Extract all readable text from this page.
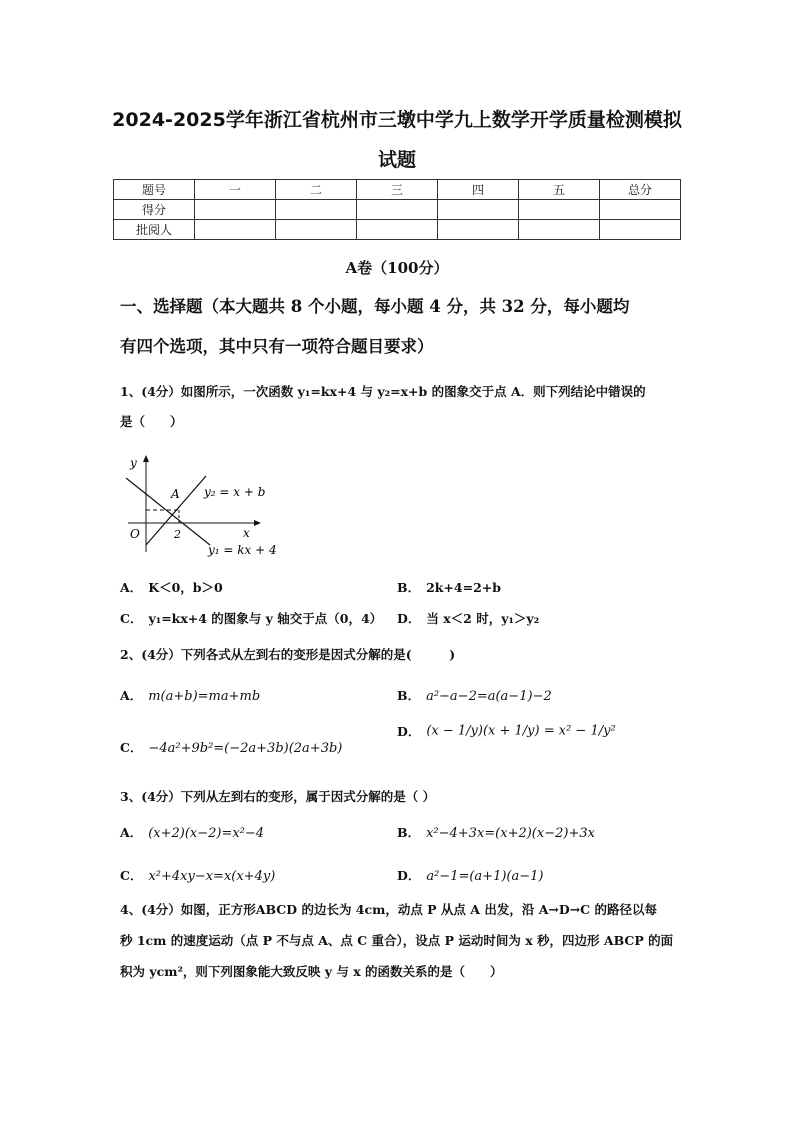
2024-2025学年浙江省杭州市三墩中学九上数学开学质量检测模拟
试题
题号	一	二	三	四	五	总分
得分						
批阅人						
A卷（100分）
一、选择题（本大题共 8 个小题，每小题 4 分，共 32 分，每小题均
有四个选项，其中只有一项符合题目要求）
1、(4分）如图所示，一次函数 y₁=kx+4 与 y₂=x+b 的图象交于点 A．则下列结论中错误的
是（　　）
y
x
O
A
2
y₂ = x + b
y₁ = kx + 4
A． K＜0，b＞0	B． 2k+4=2+b
C． y₁=kx+4 的图象与 y 轴交于点（0，4） D． 当 x＜2 时，y₁＞y₂
2、(4分）下列各式从左到右的变形是因式分解的是(　　　)
A． m(a+b)=ma+mb	B． a²−a−2=a(a−1)−2
C． −4a²+9b²=(−2a+3b)(2a+3b)
D． (x − 1/y)(x + 1/y) = x² − 1/y²
3、(4分）下列从左到右的变形，属于因式分解的是（ ）
A． (x+2)(x−2)=x²−4	B． x²−4+3x=(x+2)(x−2)+3x
C． x²+4xy−x=x(x+4y)	D． a²−1=(a+1)(a−1)
4、(4分）如图，正方形ABCD 的边长为 4cm，动点 P 从点 A 出发，沿 A→D→C 的路径以每
秒 1cm 的速度运动（点 P 不与点 A、点 C 重合），设点 P 运动时间为 x 秒，四边形 ABCP 的面
积为 ycm²，则下列图象能大致反映 y 与 x 的函数关系的是（　　）
